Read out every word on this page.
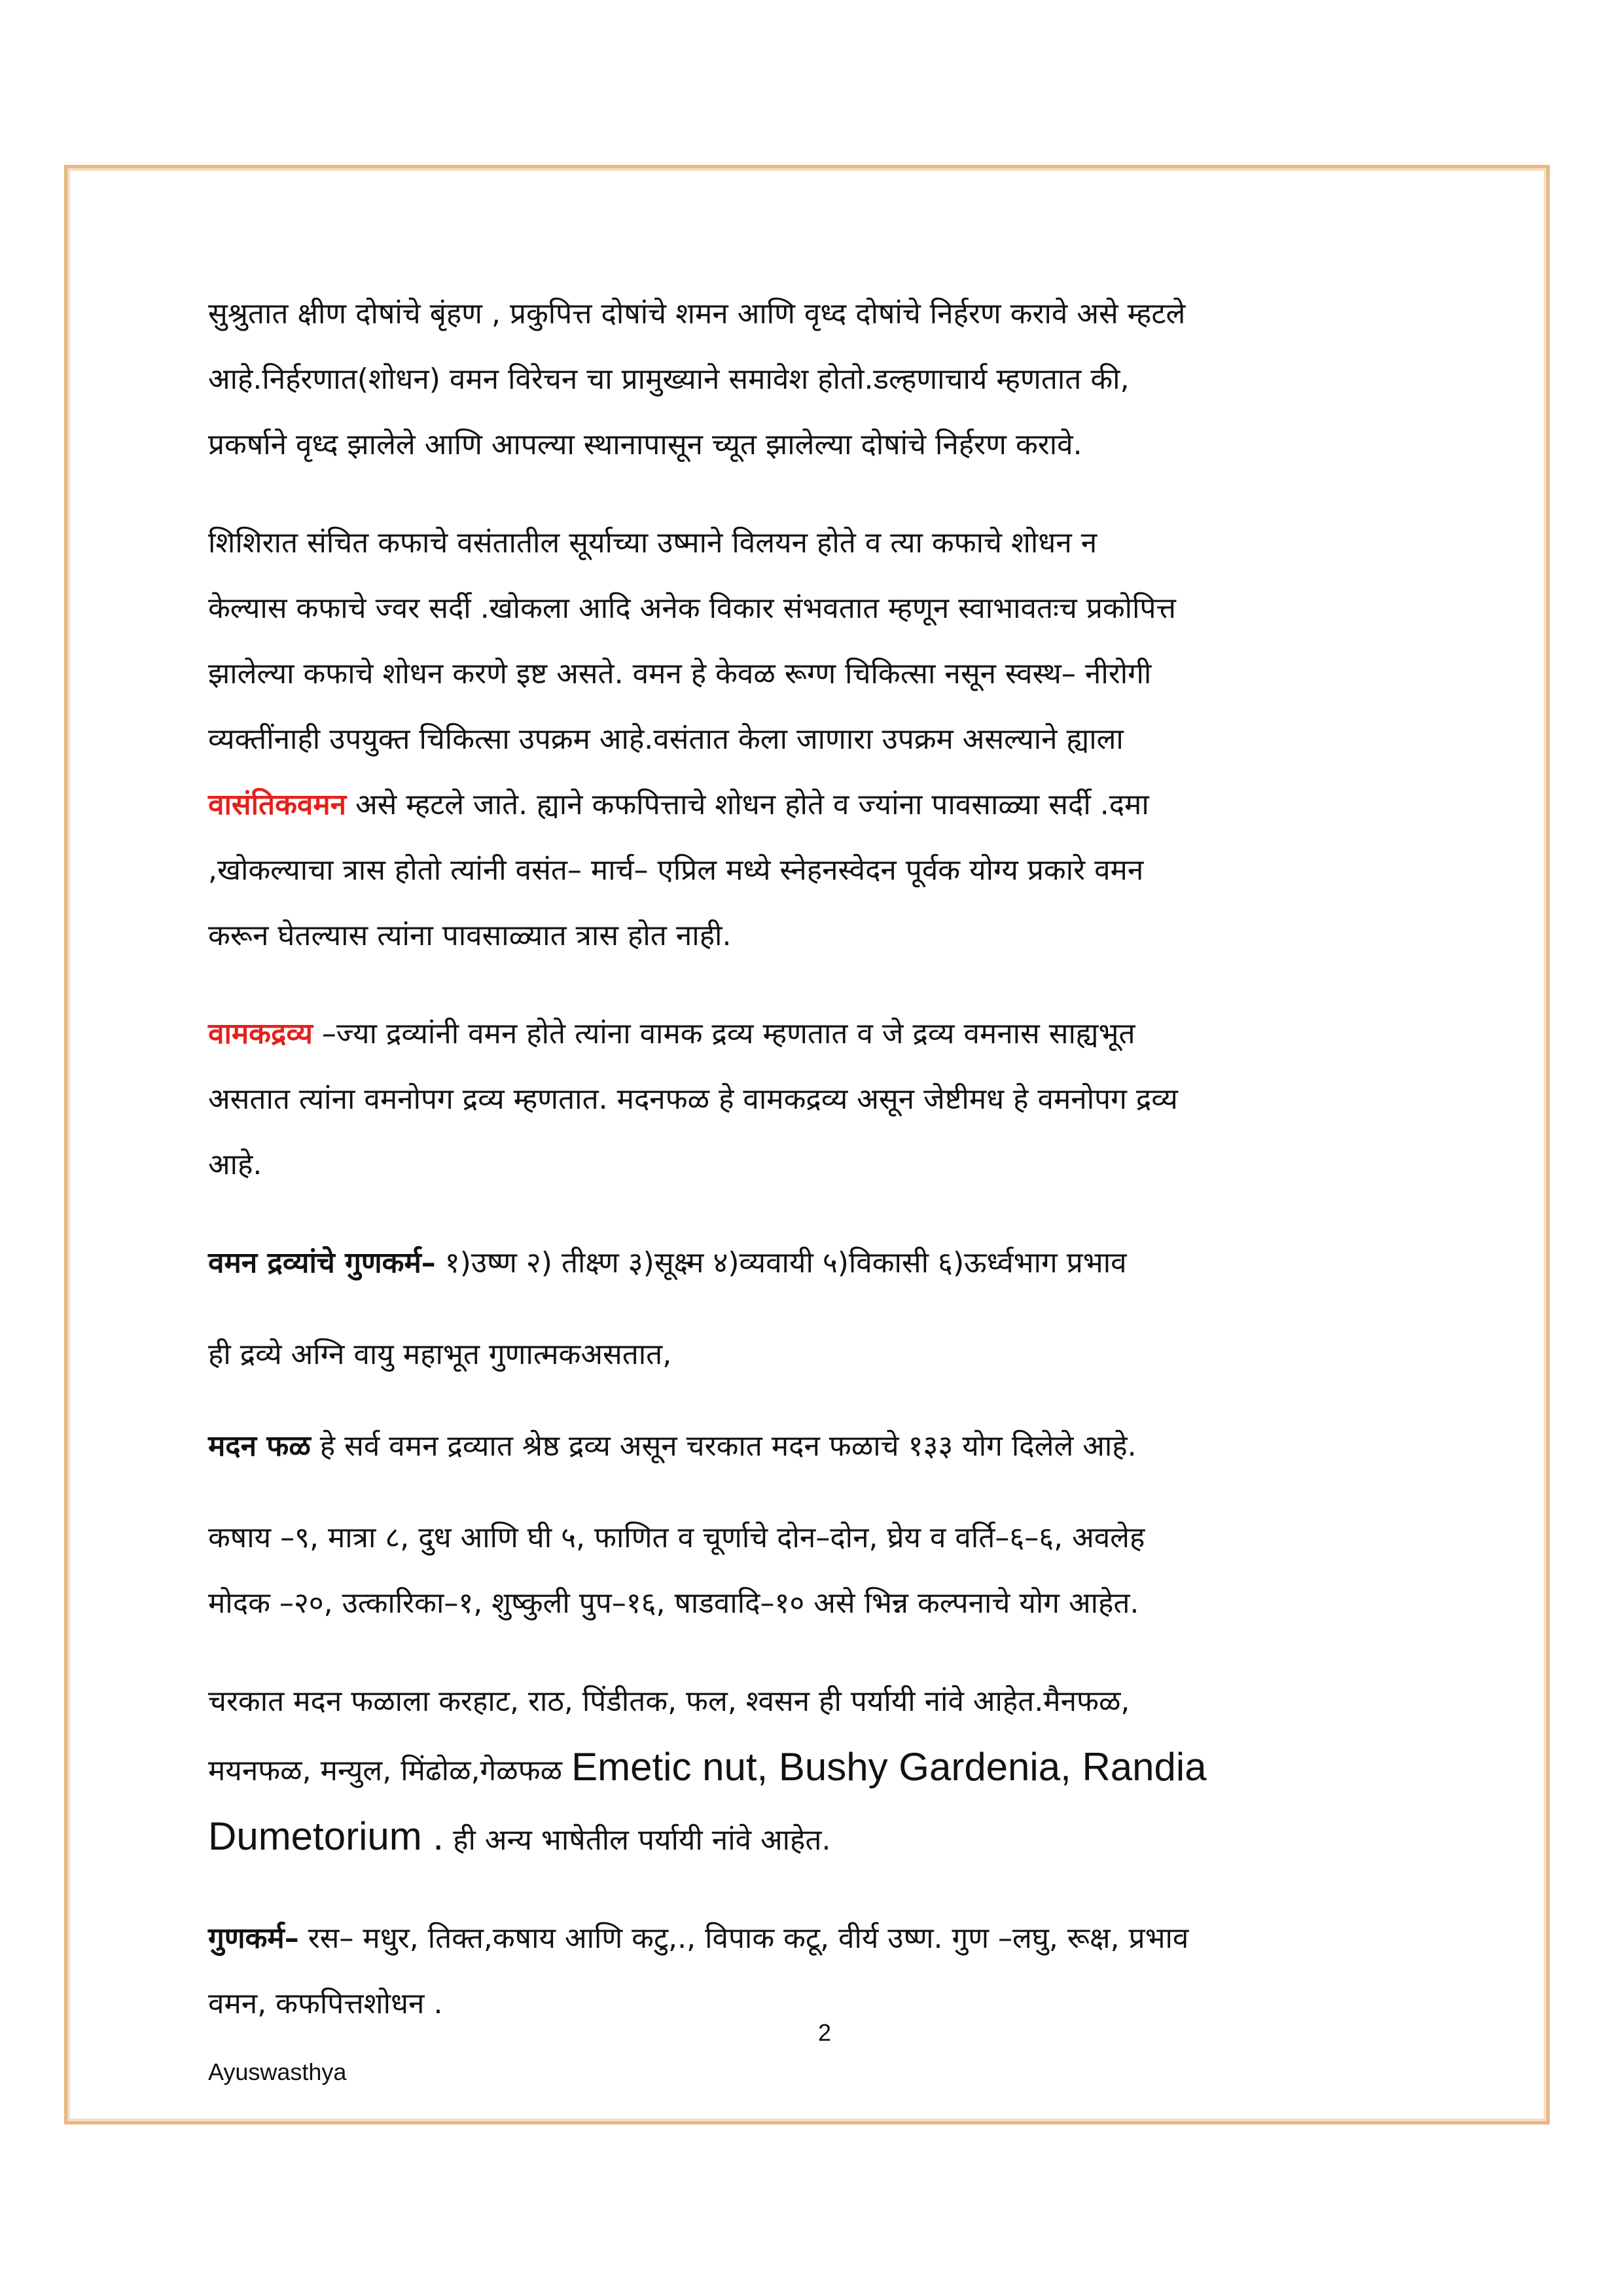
सुश्रुतात क्षीण दोषांचे बृंहण , प्रकुपित्त दोषांचे शमन आणि वृध्द दोषांचे निर्हरण करावे असे म्हटले
आहे.निर्हरणात(शोधन) वमन विरेचन चा प्रामुख्याने समावेश होतो.डल्हणाचार्य म्हणतात की,
प्रकर्षाने वृध्द झालेले आणि आपल्या स्थानापासून च्यूत झालेल्या दोषांचे निर्हरण करावे.

शिशिरात संचित कफाचे वसंतातील सूर्याच्या उष्माने विलयन होते व त्या कफाचे शोधन न
केल्यास कफाचे ज्वर सर्दी .खोकला आदि अनेक विकार संभवतात म्हणून स्वाभावतःच प्रकोपित्त
झालेल्या कफाचे शोधन करणे इष्ट असते. वमन हे केवळ रूग्ण चिकित्सा नसून स्वस्थ– नीरोगी
व्यक्तींनाही उपयुक्त चिकित्सा उपक्रम आहे.वसंतात केला जाणारा उपक्रम असल्याने ह्याला
वासंतिकवमन असे म्हटले जाते. ह्याने कफपित्ताचे शोधन होते व ज्यांना पावसाळ्या सर्दी .दमा
,खोकल्याचा त्रास होतो त्यांनी वसंत– मार्च– एप्रिल मध्ये स्नेहनस्वेदन पूर्वक योग्य प्रकारे वमन
करून घेतल्यास त्यांना पावसाळ्यात त्रास होत नाही.

वामकद्रव्य –ज्या द्रव्यांनी वमन होते त्यांना वामक द्रव्य म्हणतात व जे द्रव्य वमनास साह्यभूत
असतात त्यांना वमनोपग द्रव्य म्हणतात. मदनफळ हे वामकद्रव्य असून जेष्टीमध हे वमनोपग द्रव्य
आहे.

वमन द्रव्यांचे गुणकर्म– १)उष्ण २) तीक्ष्ण ३)सूक्ष्म ४)व्यवायी ५)विकासी ६)ऊर्ध्वभाग प्रभाव

ही द्रव्ये अग्नि वायु महाभूत गुणात्मकअसतात,

मदन फळ हे सर्व वमन द्रव्यात श्रेष्ठ द्रव्य असून चरकात मदन फळाचे १३३ योग दिलेले आहे.

कषाय –९, मात्रा ८, दुध आणि घी ५, फाणित व चूर्णाचे दोन–दोन, घ्रेय व वर्ति–६–६, अवलेह
मोदक –२०, उत्कारिका–१, शुष्कुली पुप–१६, षाडवादि–१० असे भिन्न कल्पनाचे योग आहेत.

चरकात मदन फळाला करहाट, राठ, पिंडीतक, फल, श्वसन ही पर्यायी नांवे आहेत.मैनफळ,
मयनफळ, मन्युल, मिंढोळ,गेळफळ Emetic nut, Bushy Gardenia, Randia
Dumetorium . ही अन्य भाषेतील पर्यायी नांवे आहेत.

गुणकर्म– रस– मधुर, तिक्त,कषाय आणि कटु,., विपाक कटू, वीर्य उष्ण. गुण –लघु, रूक्ष, प्रभाव
वमन, कफपित्तशोधन .

2
Ayuswasthya
